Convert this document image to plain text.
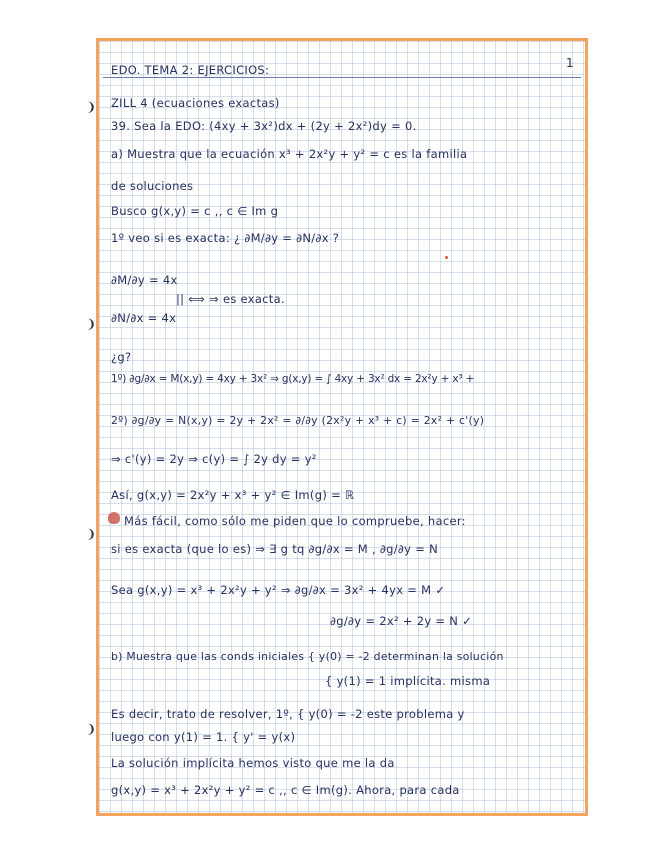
1
❩
❩
❩
❩
EDO. TEMA 2: EJERCICIOS:
ZILL 4 (ecuaciones exactas)
39. Sea la EDO: (4xy + 3x²)dx + (2y + 2x²)dy = 0.
a) Muestra que la ecuación x³ + 2x²y + y² = c es la familia
de soluciones
Busco g(x,y) = c ,, c ∈ Im g
1º veo si es exacta: ¿ ∂M/∂y = ∂N/∂x ?
∂M/∂y = 4x
|| ⟺ ⇒ es exacta.
∂N/∂x = 4x
¿g?
1º) ∂g/∂x = M(x,y) = 4xy + 3x² ⇒ g(x,y) = ∫ 4xy + 3x² dx = 2x²y + x³ +
2º) ∂g/∂y = N(x,y) = 2y + 2x² = ∂/∂y (2x²y + x³ + c) = 2x² + c'(y)
⇒ c'(y) = 2y ⇒ c(y) = ∫ 2y dy = y²
Así, g(x,y) = 2x²y + x³ + y² ∈ Im(g) = ℝ
Más fácil, como sólo me piden que lo compruebe, hacer:
si es exacta (que lo es) ⇒ ∃ g tq ∂g/∂x = M , ∂g/∂y = N
Sea g(x,y) = x³ + 2x²y + y² ⇒ ∂g/∂x = 3x² + 4yx = M ✓
∂g/∂y = 2x² + 2y = N ✓
b) Muestra que las conds iniciales { y(0) = -2 determinan la solución
{ y(1) = 1 implícita. misma
Es decir, trato de resolver, 1º, { y(0) = -2 este problema y
luego con y(1) = 1. { y' = y(x)
La solución implícita hemos visto que me la da
g(x,y) = x³ + 2x²y + y² = c ,, c ∈ Im(g). Ahora, para cada
